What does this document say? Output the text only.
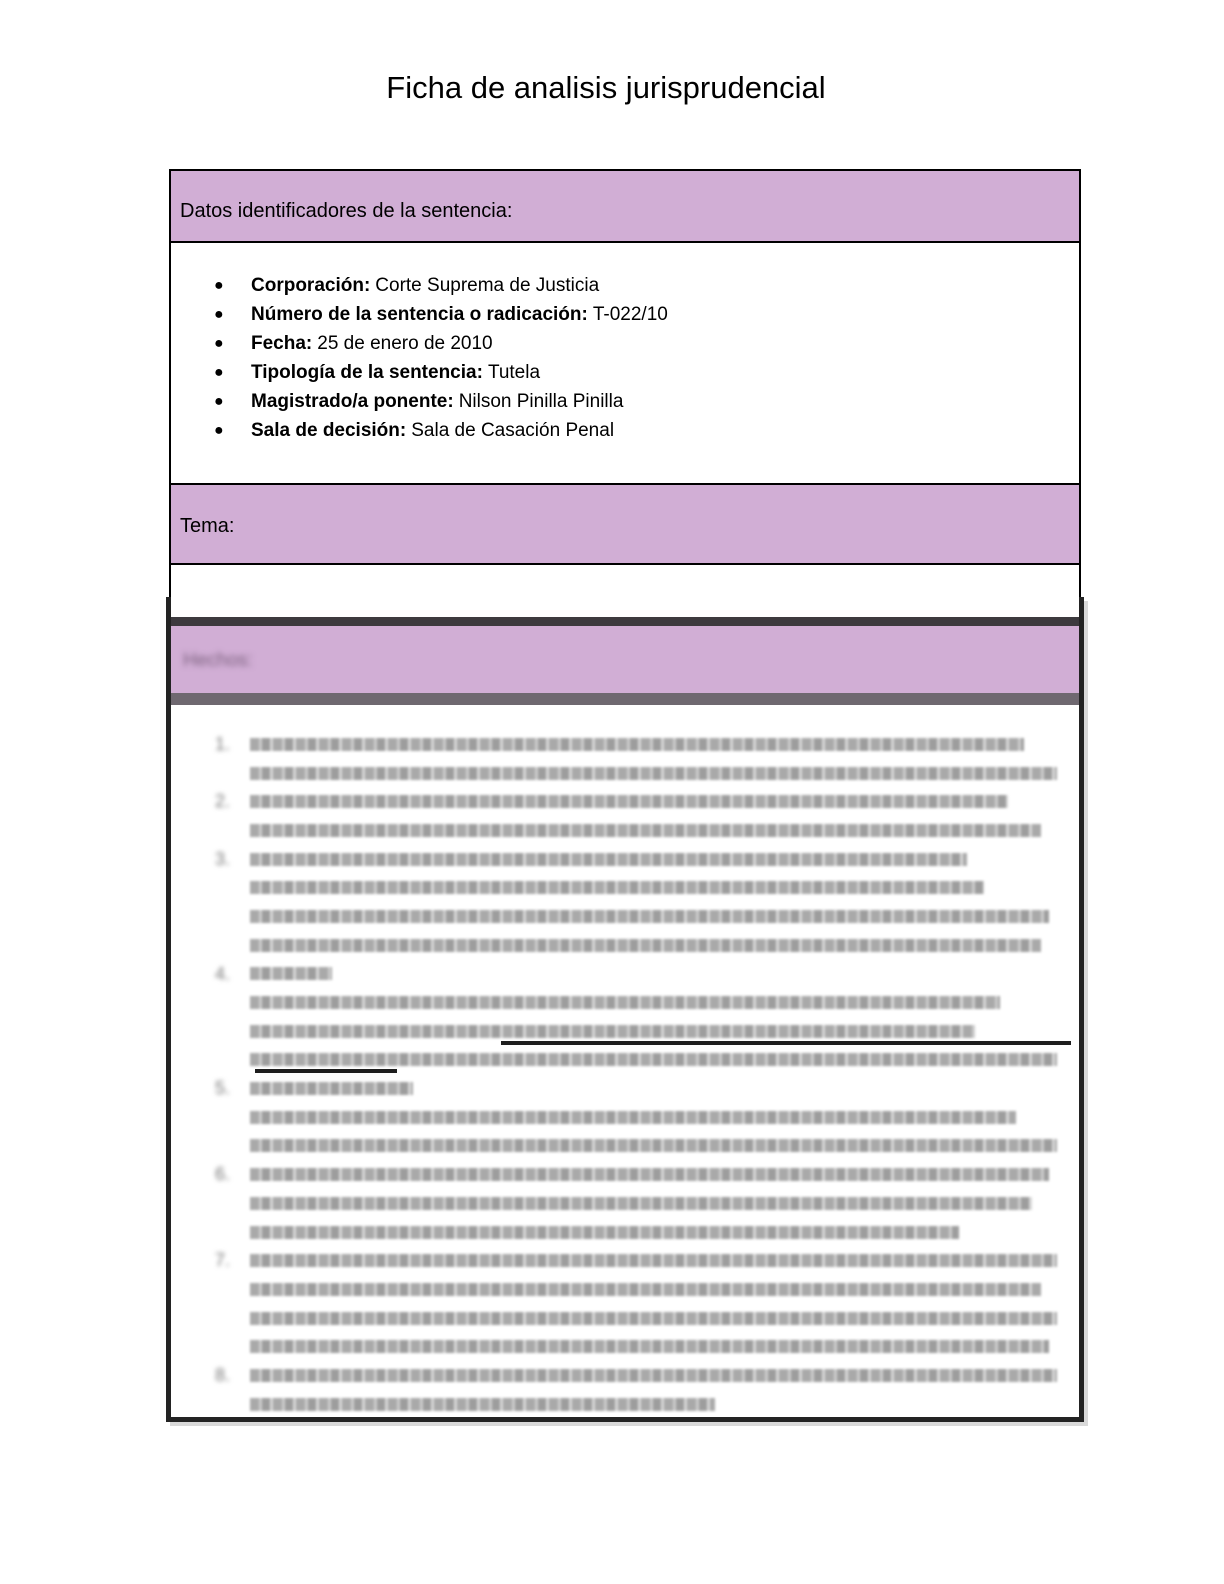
Ficha de analisis jurisprudencial
Datos identificadores de la sentencia:
●	Corporación: Corte Suprema de Justicia
●	Número de la sentencia o radicación: T-022/10
●	Fecha: 25 de enero de 2010
●	Tipología de la sentencia: Tutela
●	Magistrado/a ponente: Nilson Pinilla Pinilla
●	Sala de decisión: Sala de Casación Penal
Tema:
Hechos:
1.
2.
3.
4.
5.
6.
7.
8.
